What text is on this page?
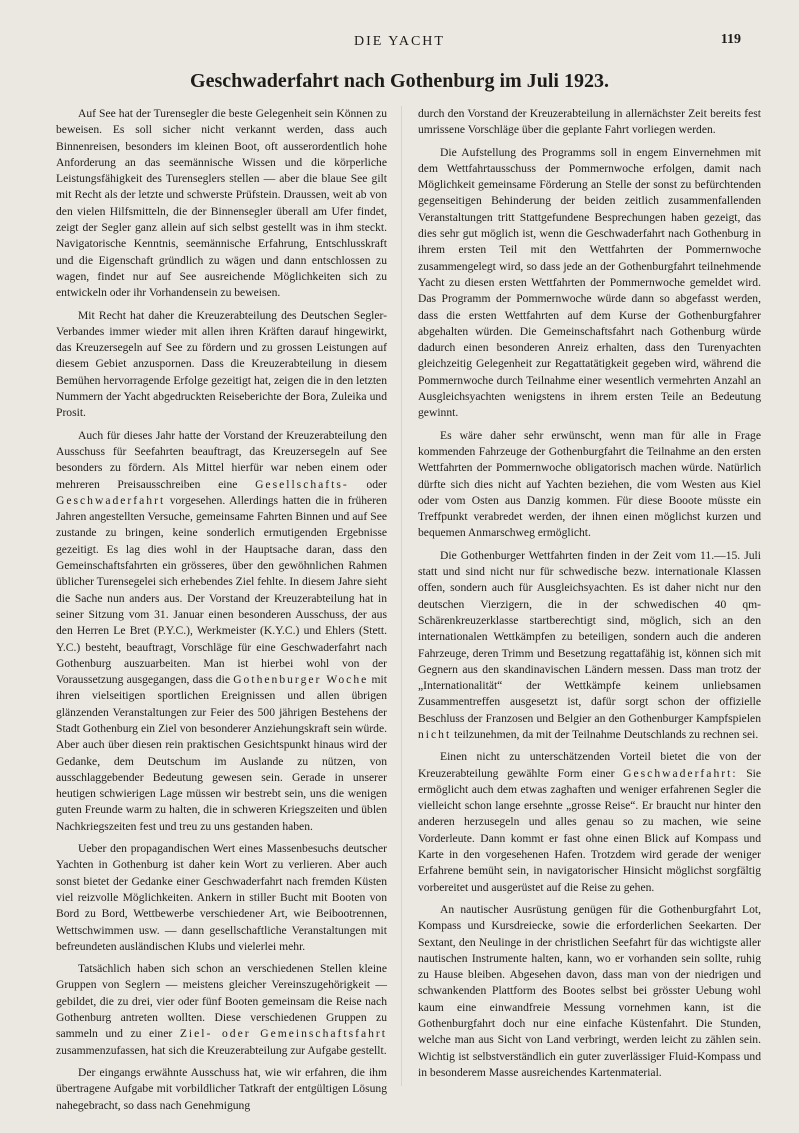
DIE YACHT	119
Geschwaderfahrt nach Gothenburg im Juli 1923.

Auf See hat der Turensegler die beste Gelegenheit sein Können zu beweisen. Es soll sicher nicht verkannt werden, dass auch Binnenreisen, besonders im kleinen Boot, oft ausserordentlich hohe Anforderung an das seemännische Wissen und die körperliche Leistungsfähigkeit des Turenseglers stellen — aber die blaue See gilt mit Recht als der letzte und schwerste Prüfstein. Draussen, weit ab von den vielen Hilfsmitteln, die der Binnensegler überall am Ufer findet, zeigt der Segler ganz allein auf sich selbst gestellt was in ihm steckt. Navigatorische Kenntnis, seemännische Erfahrung, Entschlusskraft und die Eigenschaft gründlich zu wägen und dann entschlossen zu wagen, findet nur auf See ausreichende Möglichkeiten sich zu entwickeln oder ihr Vorhandensein zu beweisen.

Mit Recht hat daher die Kreuzerabteilung des Deutschen Segler-Verbandes immer wieder mit allen ihren Kräften darauf hingewirkt, das Kreuzersegeln auf See zu fördern und zu grossen Leistungen auf diesem Gebiet anzuspornen. Dass die Kreuzerabteilung in diesem Bemühen hervorragende Erfolge gezeitigt hat, zeigen die in den letzten Nummern der Yacht abgedruckten Reiseberichte der Bora, Zuleika und Prosit.

Auch für dieses Jahr hatte der Vorstand der Kreuzerabteilung den Ausschuss für Seefahrten beauftragt, das Kreuzersegeln auf See besonders zu fördern. Als Mittel hierfür war neben einem oder mehreren Preisausschreiben eine Gesellschafts- oder Geschwaderfahrt vorgesehen. Allerdings hatten die in früheren Jahren angestellten Versuche, gemeinsame Fahrten Binnen und auf See zustande zu bringen, keine sonderlich ermutigenden Ergebnisse gezeitigt. Es lag dies wohl in der Hauptsache daran, dass den Gemeinschaftsfahrten ein grösseres, über den gewöhnlichen Rahmen üblicher Turensegelei sich erhebendes Ziel fehlte. In diesem Jahre sieht die Sache nun anders aus. Der Vorstand der Kreuzerabteilung hat in seiner Sitzung vom 31. Januar einen besonderen Ausschuss, der aus den Herren Le Bret (P.Y.C.), Werkmeister (K.Y.C.) und Ehlers (Stett. Y.C.) besteht, beauftragt, Vorschläge für eine Geschwaderfahrt nach Gothenburg auszuarbeiten. Man ist hierbei wohl von der Voraussetzung ausgegangen, dass die Gothenburger Woche mit ihren vielseitigen sportlichen Ereignissen und allen übrigen glänzenden Veranstaltungen zur Feier des 500 jährigen Bestehens der Stadt Gothenburg ein Ziel von besonderer Anziehungskraft sein würde. Aber auch über diesen rein praktischen Gesichtspunkt hinaus wird der Gedanke, dem Deutschum im Auslande zu nützen, von ausschlaggebender Bedeutung gewesen sein. Gerade in unserer heutigen schwierigen Lage müssen wir bestrebt sein, uns die wenigen guten Freunde warm zu halten, die in schweren Kriegszeiten und üblen Nachkriegszeiten fest und treu zu uns gestanden haben.

Ueber den propagandischen Wert eines Massenbesuchs deutscher Yachten in Gothenburg ist daher kein Wort zu verlieren. Aber auch sonst bietet der Gedanke einer Geschwaderfahrt nach fremden Küsten viel reizvolle Möglichkeiten. Ankern in stiller Bucht mit Booten von Bord zu Bord, Wettbewerbe verschiedener Art, wie Beibootrennen, Wettschwimmen usw. — dann gesellschaftliche Veranstaltungen mit befreundeten ausländischen Klubs und vielerlei mehr.

Tatsächlich haben sich schon an verschiedenen Stellen kleine Gruppen von Seglern — meistens gleicher Vereinszugehörigkeit — gebildet, die zu drei, vier oder fünf Booten gemeinsam die Reise nach Gothenburg antreten wollten. Diese verschiedenen Gruppen zu sammeln und zu einer Ziel- oder Gemeinschaftsfahrt zusammenzufassen, hat sich die Kreuzerabteilung zur Aufgabe gestellt.

Der eingangs erwähnte Ausschuss hat, wie wir erfahren, die ihm übertragene Aufgabe mit vorbildlicher Tatkraft der entgültigen Lösung nahegebracht, so dass nach Genehmigung

durch den Vorstand der Kreuzerabteilung in allernächster Zeit bereits fest umrissene Vorschläge über die geplante Fahrt vorliegen werden.

Die Aufstellung des Programms soll in engem Einvernehmen mit dem Wettfahrtausschuss der Pommernwoche erfolgen, damit nach Möglichkeit gemeinsame Förderung an Stelle der sonst zu befürchtenden gegenseitigen Behinderung der beiden zeitlich zusammenfallenden Veranstaltungen tritt Stattgefundene Besprechungen haben gezeigt, das dies sehr gut möglich ist, wenn die Geschwaderfahrt nach Gothenburg in ihrem ersten Teil mit den Wettfahrten der Pommernwoche zusammengelegt wird, so dass jede an der Gothenburgfahrt teilnehmende Yacht zu diesen ersten Wettfahrten der Pommernwoche gemeldet wird. Das Programm der Pommernwoche würde dann so abgefasst werden, dass die ersten Wettfahrten auf dem Kurse der Gothenburgfahrer abgehalten würden. Die Gemeinschaftsfahrt nach Gothenburg würde dadurch einen besonderen Anreiz erhalten, dass den Turenyachten gleichzeitig Gelegenheit zur Regattatätigkeit gegeben wird, während die Pommernwoche durch Teilnahme einer wesentlich vermehrten Anzahl an Ausgleichsyachten wenigstens in ihrem ersten Teile an Bedeutung gewinnt.

Es wäre daher sehr erwünscht, wenn man für alle in Frage kommenden Fahrzeuge der Gothenburgfahrt die Teilnahme an den ersten Wettfahrten der Pommernwoche obligatorisch machen würde. Natürlich dürfte sich dies nicht auf Yachten beziehen, die vom Westen aus Kiel oder vom Osten aus Danzig kommen. Für diese Booote müsste ein Treffpunkt verabredet werden, der ihnen einen möglichst kurzen und bequemen Anmarschweg ermöglicht.

Die Gothenburger Wettfahrten finden in der Zeit vom 11.—15. Juli statt und sind nicht nur für schwedische bezw. internationale Klassen offen, sondern auch für Ausgleichsyachten. Es ist daher nicht nur den deutschen Vierzigern, die in der schwedischen 40 qm-Schärenkreuzerklasse startberechtigt sind, möglich, sich an den internationalen Wettkämpfen zu beteiligen, sondern auch die anderen Fahrzeuge, deren Trimm und Besetzung regattafähig ist, können sich mit Gegnern aus den skandinavischen Ländern messen. Dass man trotz der „Internationalität“ der Wettkämpfe keinem unliebsamen Zusammentreffen ausgesetzt ist, dafür sorgt schon der offizielle Beschluss der Franzosen und Belgier an den Gothenburger Kampfspielen nicht teilzunehmen, da mit der Teilnahme Deutschlands zu rechnen sei.

Einen nicht zu unterschätzenden Vorteil bietet die von der Kreuzerabteilung gewählte Form einer Geschwaderfahrt: Sie ermöglicht auch dem etwas zaghaften und weniger erfahrenen Segler die vielleicht schon lange ersehnte „grosse Reise“. Er braucht nur hinter den anderen herzusegeln und alles genau so zu machen, wie seine Vorderleute. Dann kommt er fast ohne einen Blick auf Kompass und Karte in den vorgesehenen Hafen. Trotzdem wird gerade der weniger Erfahrene bemüht sein, in navigatorischer Hinsicht möglichst sorgfältig vorbereitet und ausgerüstet auf die Reise zu gehen.

An nautischer Ausrüstung genügen für die Gothenburgfahrt Lot, Kompass und Kursdreiecke, sowie die erforderlichen Seekarten. Der Sextant, den Neulinge in der christlichen Seefahrt für das wichtigste aller nautischen Instrumente halten, kann, wo er vorhanden sein sollte, ruhig zu Hause bleiben. Abgesehen davon, dass man von der niedrigen und schwankenden Plattform des Bootes selbst bei grösster Uebung wohl kaum eine einwandfreie Messung vornehmen kann, ist die Gothenburgfahrt doch nur eine einfache Küstenfahrt. Die Stunden, welche man aus Sicht von Land verbringt, werden leicht zu zählen sein. Wichtig ist selbstverständlich ein guter zuverlässiger Fluid-Kompass und in besonderem Masse ausreichendes Kartenmaterial.
